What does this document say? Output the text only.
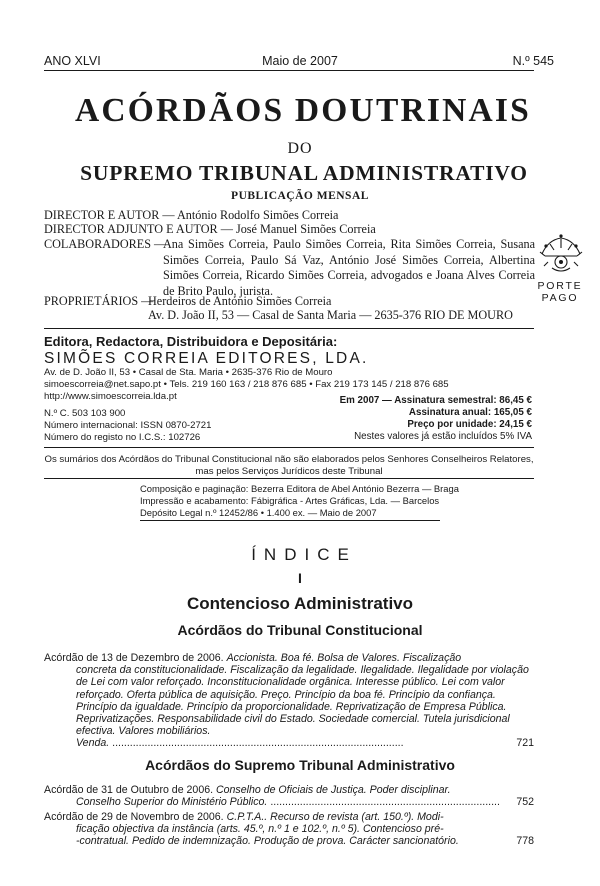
ANO XLVI	Maio de 2007	N.º 545
ACÓRDÃOS DOUTRINAIS
DO
SUPREMO TRIBUNAL ADMINISTRATIVO
PUBLICAÇÃO MENSAL
DIRECTOR E AUTOR — António Rodolfo Simões Correia
DIRECTOR ADJUNTO E AUTOR — José Manuel Simões Correia
COLABORADORES —
Ana Simões Correia, Paulo Simões Correia, Rita Simões Correia, Susana Simões Correia, Paulo Sá Vaz, António José Simões Correia, Albertina Simões Correia, Ricardo Simões Correia, advogados e Joana Alves Correia de Brito Paulo, jurista.
PROPRIETÁRIOS —
Herdeiros de António Simões Correia
Av. D. João II, 53 — Casal de Santa Maria — 2635-376 RIO DE MOURO
PORTE
PAGO
Editora, Redactora, Distribuidora e Depositária:
SIMÕES CORREIA EDITORES, LDA.
Av. de D. João II, 53 • Casal de Sta. Maria • 2635-376 Rio de Mouro
simoescorreia@net.sapo.pt • Tels. 219 160 163 / 218 876 685 • Fax 219 173 145 / 218 876 685
http://www.simoescorreia.lda.pt
N.º C. 503 103 900
Número internacional: ISSN 0870-2721
Número do registo no I.C.S.: 102726
Em 2007 — Assinatura semestral: 86,45 €
Assinatura anual: 165,05 €
Preço por unidade: 24,15 €
Nestes valores já estão incluídos 5% IVA
Os sumários dos Acórdãos do Tribunal Constitucional não são elaborados pelos Senhores Conselheiros Relatores, mas pelos Serviços Jurídicos deste Tribunal
Composição e paginação: Bezerra Editora de Abel António Bezerra — Braga
Impressão e acabamento: Fábigráfica - Artes Gráficas, Lda. — Barcelos
Depósito Legal n.º 12452/86 • 1.400 ex. — Maio de 2007
ÍNDICE
I
Contencioso Administrativo
Acórdãos do Tribunal Constitucional
Acórdão de 13 de Dezembro de 2006. Accionista. Boa fé. Bolsa de Valores. Fiscalização
concreta da constitucionalidade. Fiscalização da legalidade. Ilegalidade. Ilegalidade por violação de Lei com valor reforçado. Inconstitucionalidade orgânica. Interesse público. Lei com valor reforçado. Oferta pública de aquisição. Preço. Princípio da boa fé. Princípio da confiança. Princípio da igualdade. Princípio da proporcionalidade. Reprivatização de Empresa Pública. Reprivatizações. Responsabilidade civil do Estado. Sociedade comercial. Tutela jurisdicional efectiva. Valores mobiliários.
Venda. ...................................................................................................	721
Acórdãos do Supremo Tribunal Administrativo
Acórdão de 31 de Outubro de 2006. Conselho de Oficiais de Justiça. Poder disciplinar.
Conselho Superior do Ministério Público. .............................................................................. 752
Acórdão de 29 de Novembro de 2006. C.P.T.A.. Recurso de revista (art. 150.º). Modi-
ficação objectiva da instância (arts. 45.º, n.º 1 e 102.º, n.º 5). Contencioso pré-
-contratual. Pedido de indemnização. Produção de prova. Carácter sancionatório.	778
